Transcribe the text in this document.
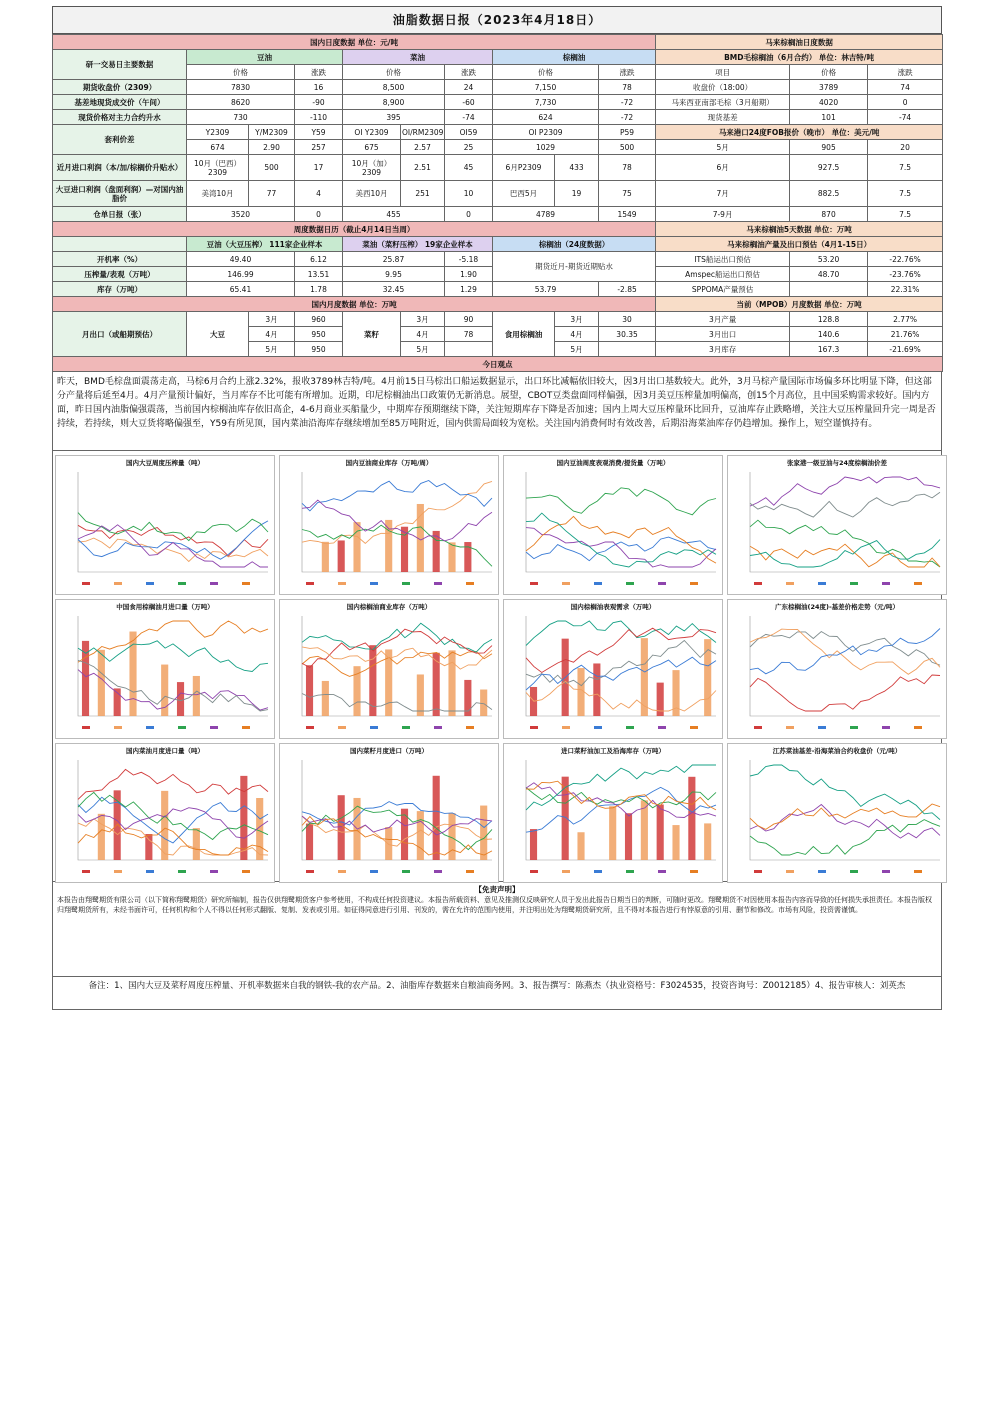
油脂数据日报（2023年4月18日）
国内日度数据 单位：元/吨										马来棕榈油日度数据		
研一交易日主要数据	豆油			菜油			棕榈油			BMD毛棕榈油（6月合约） 单位：林吉特/吨		
	价格		涨跌	价格		涨跌	价格		涨跌	项目	价格	涨跌
期货收盘价（2309）	7830		16	8,500		24	7,150		78	收盘价（18:00）	3789	74
基差地现货成交价（午间）	8620		-90	8,900		-60	7,730		-72	马来西亚南部毛棕（3月船期）	4020	0
现货价格对主力合约升水	730		-110	395		-74	624		-72	现货基差	101	-74
套利价差	Y2309	Y/M2309	Y59	OI Y2309	OI/RM2309	OI59	OI P2309		P59	马来港口24度FOB报价（晚市） 单位：美元/吨		
	674	2.90	257	675	2.57	25	1029		500	5月	905	20
近月进口利润（本/加/棕榈价升贴水）	10月（巴西）2309	500	17	10月（加）2309	2.51	45	6月P2309	433	78	6月	927.5	7.5
大豆进口利润（盘面利润）—对国内油脂价	美湾10月	77	4	美西10月	251	10	巴西5月	19	75	7月	882.5	7.5
仓单日报（张）	3520		0	455		0	4789		1549	7-9月	870	7.5
周度数据日历（截止4月14日当周）										马来棕榈油5天数据 单位：万吨		
	豆油（大豆压榨） 111家企业样本			菜油（菜籽压榨） 19家企业样本			棕榈油（24度数据）			马来棕榈油产量及出口预估（4月1-15日）		
开机率（%）	49.40		6.12	25.87		-5.18	期货近月-期货近期贴水			ITS船运出口预估	53.20	-22.76%
压榨量/表观（万吨）	146.99		13.51	9.95		1.90				Amspec船运出口预估	48.70	-23.76%
库存（万吨）	65.41		1.78	32.45		1.29	53.79		-2.85	SPPOMA产量预估		22.31%
国内月度数据 单位：万吨										当前（MPOB）月度数据 单位：万吨		
月出口（或船期预估）	大豆	3月	960	菜籽	3月	90	食用棕榈油	3月	30	3月产量	128.8	2.77%
		4月	950		4月	78		4月	30.35	3月出口	140.6	21.76%
		5月	950		5月			5月		3月库存	167.3	-21.69%
今日观点												
昨天，BMD毛棕盘面震荡走高，马棕6月合约上涨2.32%，报收3789林吉特/吨。4月前15日马棕出口船运数据显示，出口环比减幅依旧较大，因3月出口基数较大。此外，3月马棕产量国际市场偏多环比明显下降，但这部分产量将后延至4月。4月产量预计偏好，当月库存不比可能有所增加。近期，印尼棕榈油出口政策仍无新消息。展望，CBOT豆类盘面同样偏强，因3月美豆压榨量加明偏高，创15个月高位，且中国采购需求较好。国内方面，昨日国内油脂偏强震荡，当前国内棕榈油库存依旧高企，4-6月商业买船量少，中期库存预期继续下降，关注短期库存下降是否加速；国内上周大豆压榨量环比回升，豆油库存止跌略增，关注大豆压榨量回升完一周是否持续，若持续，则大豆货将略偏强至，Y59有所见顶，国内菜油沿海库存继续增加至85万吨附近，国内供需局面较为宽松。关注国内消费何时有效改善，后期沿海菜油库存仍趋增加。操作上，短空谨慎持有。
国内大豆周度压榨量（吨）	国内豆油商业库存（万吨/周）	国内豆油周度表观消费/提货量（万吨）	张家港一级豆油与24度棕榈油价差
中国食用棕榈油月进口量（万吨）	国内棕榈油商业库存（万吨）	国内棕榈油表观需求（万吨）	广东棕榈油(24度)-基差价格走势（元/吨）
国内菜油月度进口量（吨）	国内菜籽月度进口（万吨）	进口菜籽油加工及沿海库存（万吨）	江苏菜油基差-沿海菜油合约收盘价（元/吨）
【免责声明】
本报告由翔鹭期货有限公司（以下简称翔鹭期货）研究所编制，报告仅供翔鹭期货客户参考使用，不构成任何投资建议。本报告所载资料、意见及推测仅反映研究人员于发出此报告日期当日的判断，可随时更改。翔鹭期货不对因使用本报告内容而导致的任何损失承担责任。本报告版权归翔鹭期货所有，未经书面许可，任何机构和个人不得以任何形式翻版、复制、发表或引用。如征得同意进行引用、刊发的，需在允许的范围内使用，并注明出处为翔鹭期货研究所，且不得对本报告进行有悖原意的引用、删节和修改。市场有风险，投资需谨慎。
备注：1、国内大豆及菜籽周度压榨量、开机率数据来自我的钢铁-我的农产品。2、油脂库存数据来自粮油商务网。3、报告撰写：陈燕杰（执业资格号：F3024535，投资咨询号：Z0012185）4、报告审核人：刘英杰
